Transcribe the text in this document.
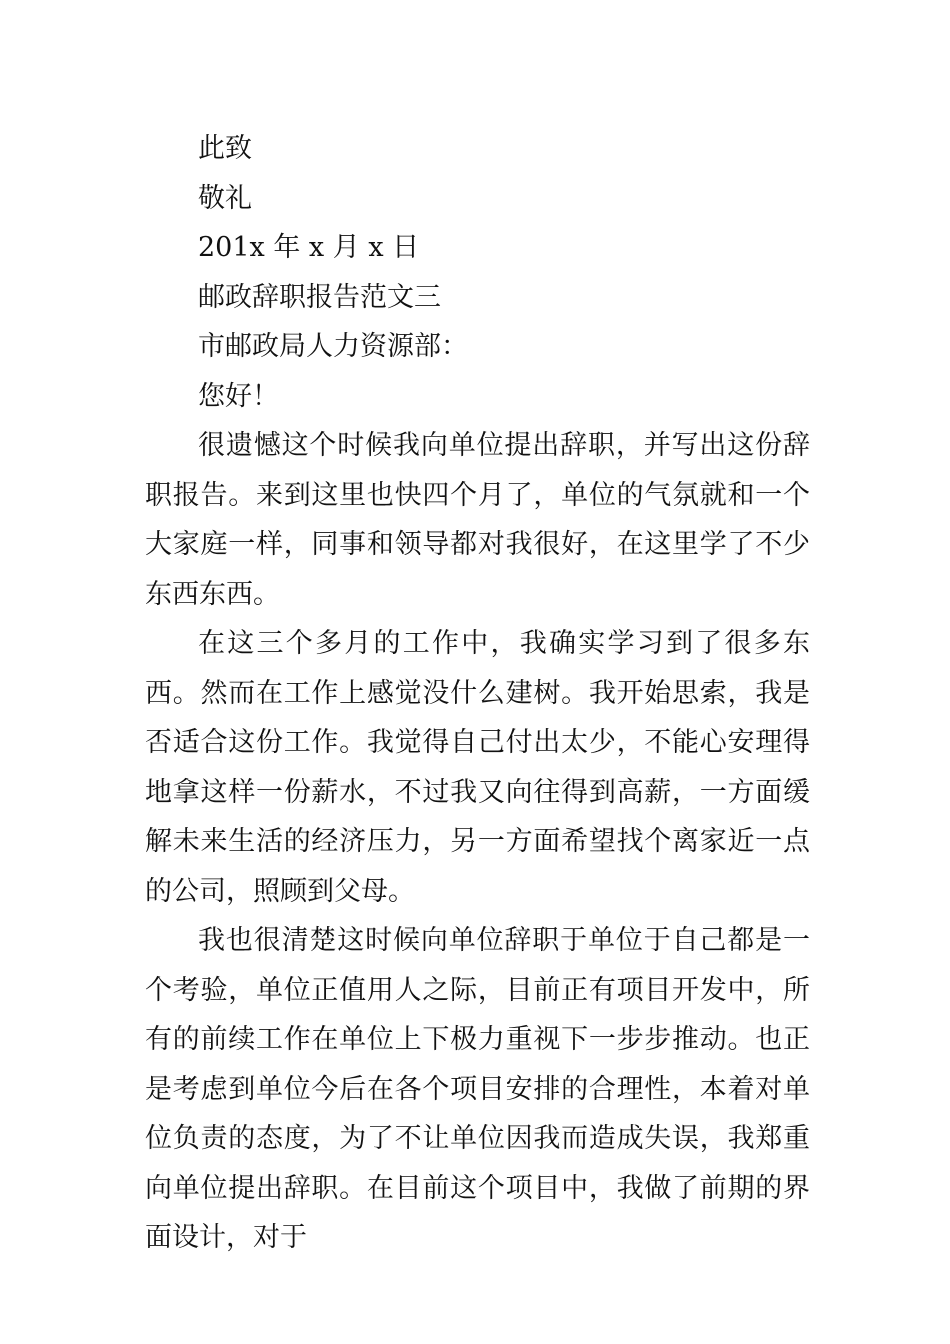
此致

敬礼

201x 年 x 月 x 日

邮政辞职报告范文三

市邮政局人力资源部：

您好！

很遗憾这个时候我向单位提出辞职，并写出这份辞职报告。来到这里也快四个月了，单位的气氛就和一个大家庭一样，同事和领导都对我很好，在这里学了不少东西东西。

在这三个多月的工作中，我确实学习到了很多东西。然而在工作上感觉没什么建树。我开始思索，我是否适合这份工作。我觉得自己付出太少，不能心安理得地拿这样一份薪水，不过我又向往得到高薪，一方面缓解未来生活的经济压力，另一方面希望找个离家近一点的公司，照顾到父母。

我也很清楚这时候向单位辞职于单位于自己都是一个考验，单位正值用人之际，目前正有项目开发中，所有的前续工作在单位上下极力重视下一步步推动。也正是考虑到单位今后在各个项目安排的合理性，本着对单位负责的态度，为了不让单位因我而造成失误，我郑重向单位提出辞职。在目前这个项目中，我做了前期的界面设计，对于
